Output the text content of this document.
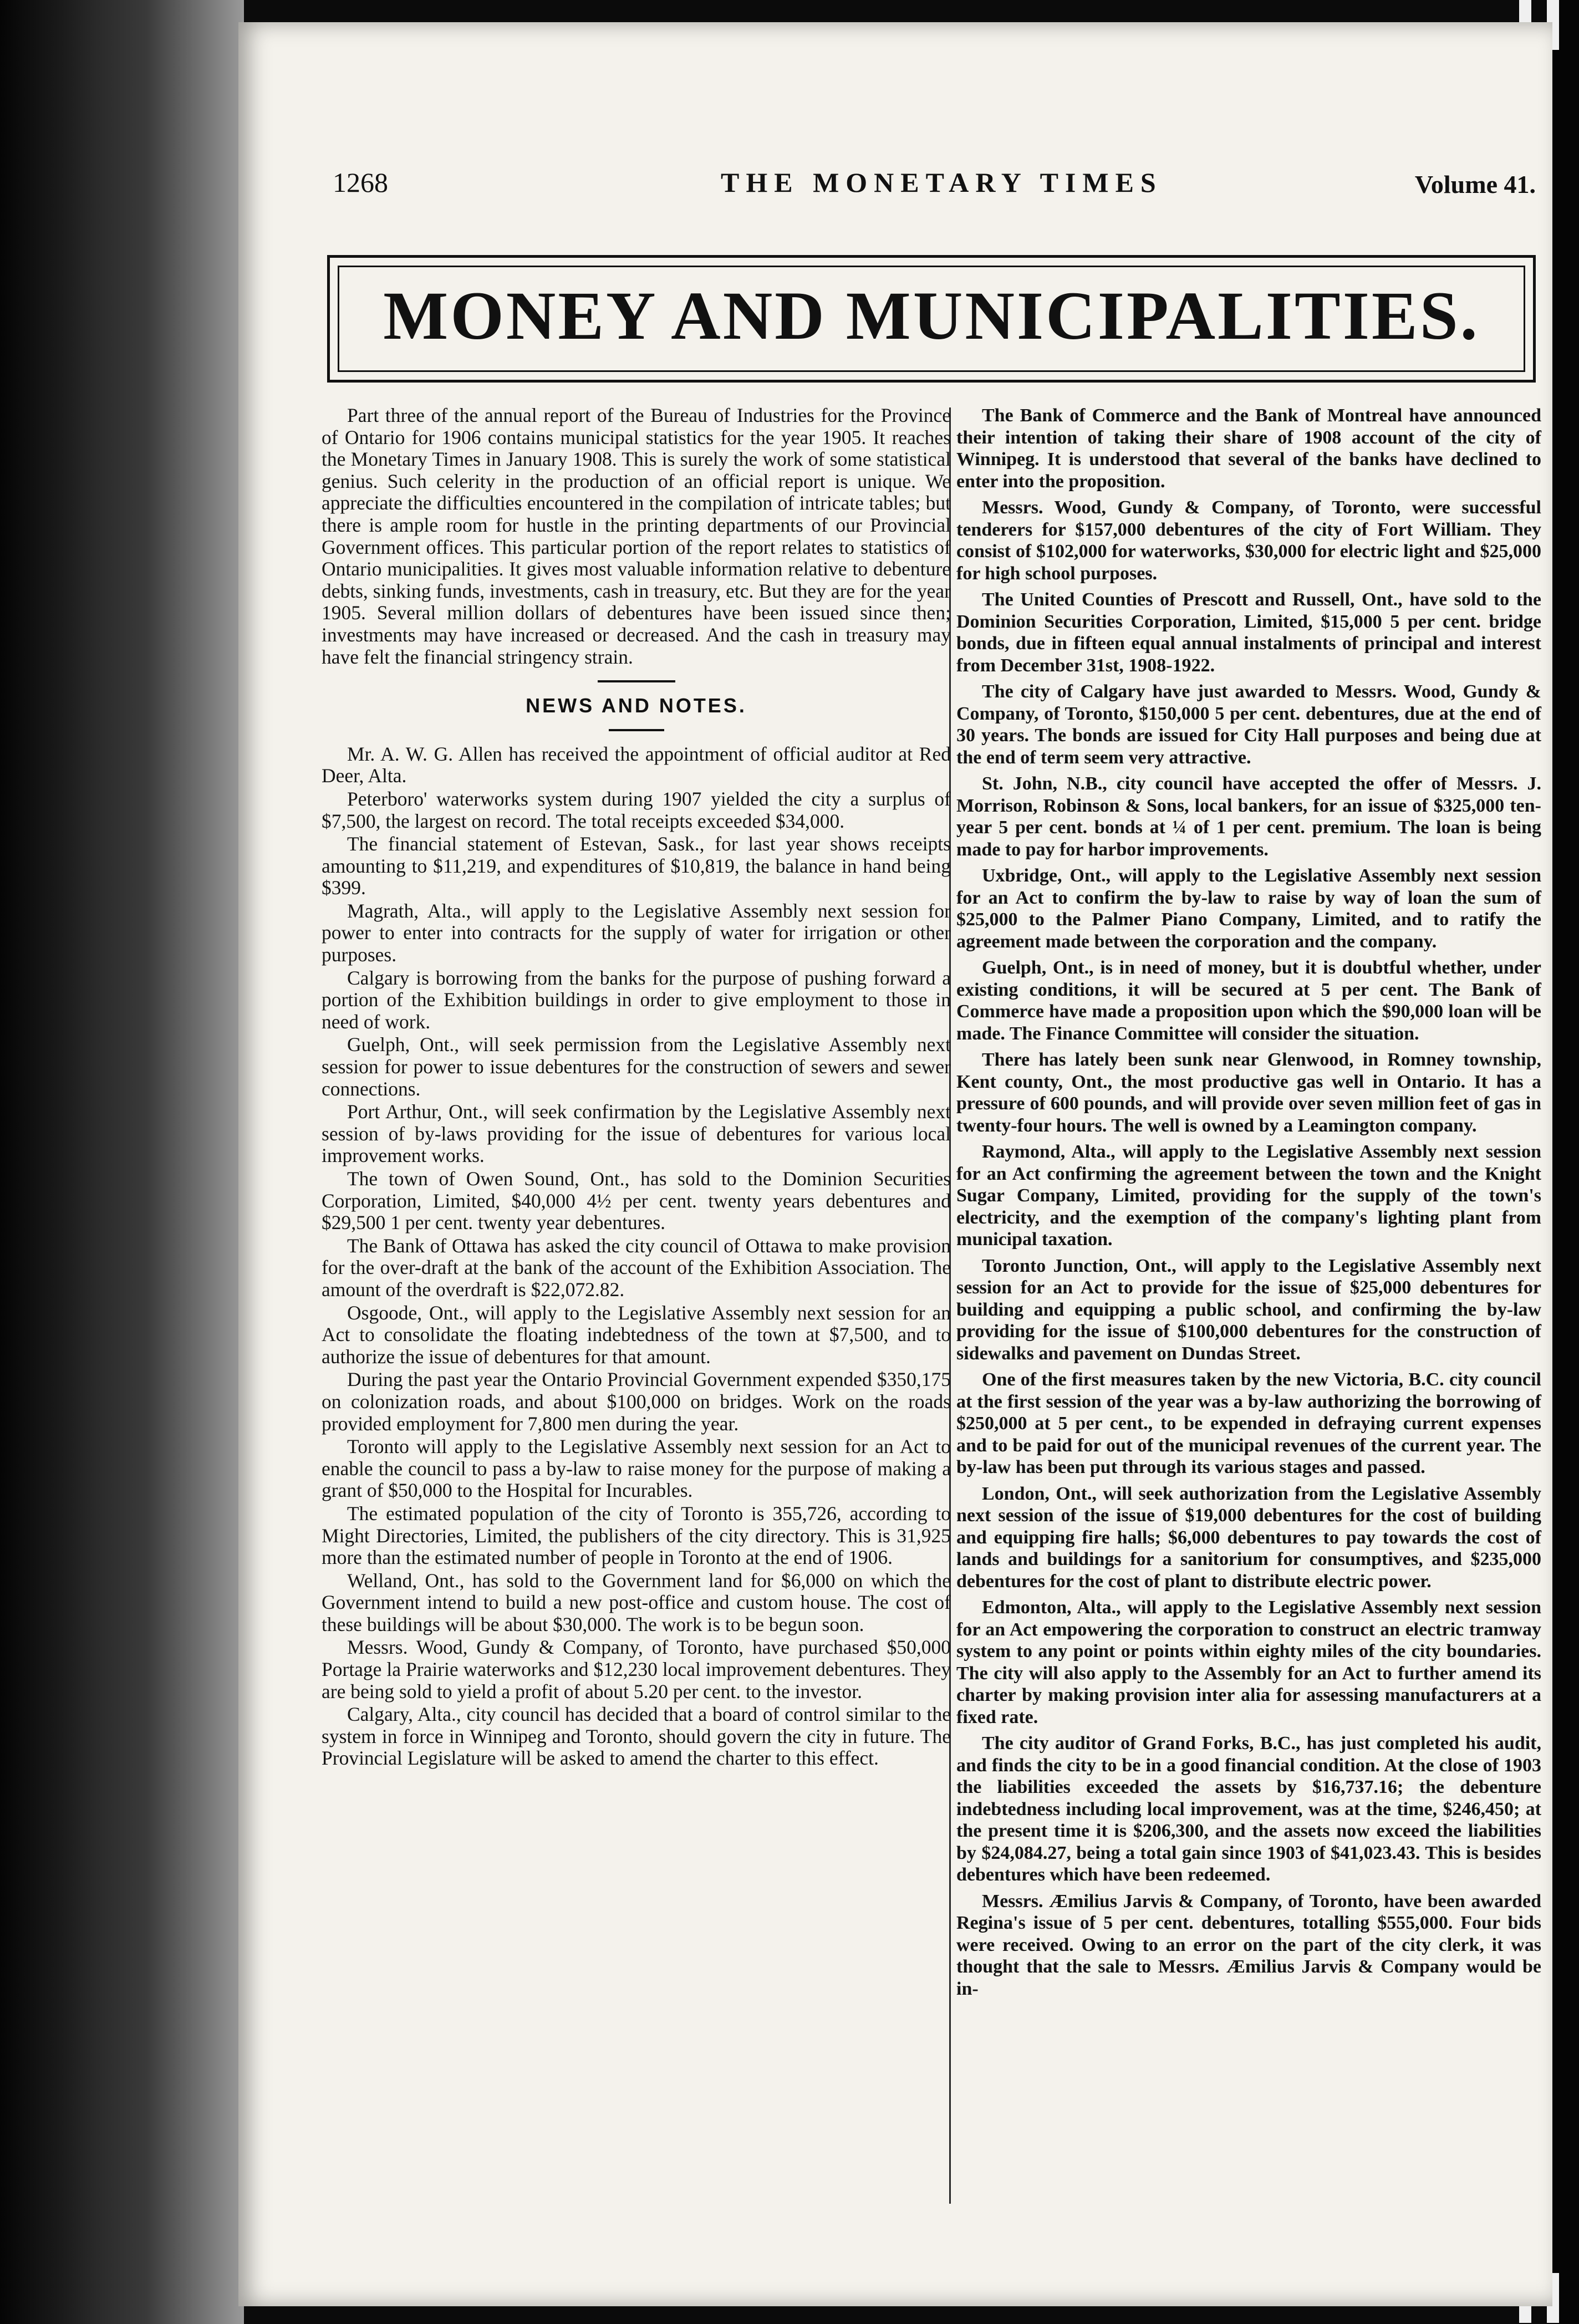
1268	THE MONETARY TIMES	Volume 41.
MONEY AND MUNICIPALITIES.

Part three of the annual report of the Bureau of Industries for the Province of Ontario for 1906 contains municipal statistics for the year 1905. It reaches the Monetary Times in January 1908. This is surely the work of some statistical genius. Such celerity in the production of an official report is unique. We appreciate the difficulties encountered in the compilation of intricate tables; but there is ample room for hustle in the printing departments of our Provincial Government offices. This particular portion of the report relates to statistics of Ontario municipalities. It gives most valuable information relative to debenture debts, sinking funds, investments, cash in treasury, etc. But they are for the year 1905. Several million dollars of debentures have been issued since then; investments may have increased or decreased. And the cash in treasury may have felt the financial stringency strain.

NEWS AND NOTES.

Mr. A. W. G. Allen has received the appointment of official auditor at Red Deer, Alta.

Peterboro' waterworks system during 1907 yielded the city a surplus of $7,500, the largest on record. The total receipts exceeded $34,000.

The financial statement of Estevan, Sask., for last year shows receipts amounting to $11,219, and expenditures of $10,819, the balance in hand being $399.

Magrath, Alta., will apply to the Legislative Assembly next session for power to enter into contracts for the supply of water for irrigation or other purposes.

Calgary is borrowing from the banks for the purpose of pushing forward a portion of the Exhibition buildings in order to give employment to those in need of work.

Guelph, Ont., will seek permission from the Legislative Assembly next session for power to issue debentures for the construction of sewers and sewer connections.

Port Arthur, Ont., will seek confirmation by the Legislative Assembly next session of by-laws providing for the issue of debentures for various local improvement works.

The town of Owen Sound, Ont., has sold to the Dominion Securities Corporation, Limited, $40,000 4½ per cent. twenty years debentures and $29,500 1 per cent. twenty year debentures.

The Bank of Ottawa has asked the city council of Ottawa to make provision for the over-draft at the bank of the account of the Exhibition Association. The amount of the overdraft is $22,072.82.

Osgoode, Ont., will apply to the Legislative Assembly next session for an Act to consolidate the floating indebtedness of the town at $7,500, and to authorize the issue of debentures for that amount.

During the past year the Ontario Provincial Government expended $350,175 on colonization roads, and about $100,000 on bridges. Work on the roads provided employment for 7,800 men during the year.

Toronto will apply to the Legislative Assembly next session for an Act to enable the council to pass a by-law to raise money for the purpose of making a grant of $50,000 to the Hospital for Incurables.

The estimated population of the city of Toronto is 355,726, according to Might Directories, Limited, the publishers of the city directory. This is 31,925 more than the estimated number of people in Toronto at the end of 1906.

Welland, Ont., has sold to the Government land for $6,000 on which the Government intend to build a new post-office and custom house. The cost of these buildings will be about $30,000. The work is to be begun soon.

Messrs. Wood, Gundy & Company, of Toronto, have purchased $50,000 Portage la Prairie waterworks and $12,230 local improvement debentures. They are being sold to yield a profit of about 5.20 per cent. to the investor.

Calgary, Alta., city council has decided that a board of control similar to the system in force in Winnipeg and Toronto, should govern the city in future. The Provincial Legislature will be asked to amend the charter to this effect.

The Bank of Commerce and the Bank of Montreal have announced their intention of taking their share of 1908 account of the city of Winnipeg. It is understood that several of the banks have declined to enter into the proposition.

Messrs. Wood, Gundy & Company, of Toronto, were successful tenderers for $157,000 debentures of the city of Fort William. They consist of $102,000 for waterworks, $30,000 for electric light and $25,000 for high school purposes.

The United Counties of Prescott and Russell, Ont., have sold to the Dominion Securities Corporation, Limited, $15,000 5 per cent. bridge bonds, due in fifteen equal annual instalments of principal and interest from December 31st, 1908-1922.

The city of Calgary have just awarded to Messrs. Wood, Gundy & Company, of Toronto, $150,000 5 per cent. debentures, due at the end of 30 years. The bonds are issued for City Hall purposes and being due at the end of term seem very attractive.

St. John, N.B., city council have accepted the offer of Messrs. J. Morrison, Robinson & Sons, local bankers, for an issue of $325,000 ten-year 5 per cent. bonds at ¼ of 1 per cent. premium. The loan is being made to pay for harbor improvements.

Uxbridge, Ont., will apply to the Legislative Assembly next session for an Act to confirm the by-law to raise by way of loan the sum of $25,000 to the Palmer Piano Company, Limited, and to ratify the agreement made between the corporation and the company.

Guelph, Ont., is in need of money, but it is doubtful whether, under existing conditions, it will be secured at 5 per cent. The Bank of Commerce have made a proposition upon which the $90,000 loan will be made. The Finance Committee will consider the situation.

There has lately been sunk near Glenwood, in Romney township, Kent county, Ont., the most productive gas well in Ontario. It has a pressure of 600 pounds, and will provide over seven million feet of gas in twenty-four hours. The well is owned by a Leamington company.

Raymond, Alta., will apply to the Legislative Assembly next session for an Act confirming the agreement between the town and the Knight Sugar Company, Limited, providing for the supply of the town's electricity, and the exemption of the company's lighting plant from municipal taxation.

Toronto Junction, Ont., will apply to the Legislative Assembly next session for an Act to provide for the issue of $25,000 debentures for building and equipping a public school, and confirming the by-law providing for the issue of $100,000 debentures for the construction of sidewalks and pavement on Dundas Street.

One of the first measures taken by the new Victoria, B.C. city council at the first session of the year was a by-law authorizing the borrowing of $250,000 at 5 per cent., to be expended in defraying current expenses and to be paid for out of the municipal revenues of the current year. The by-law has been put through its various stages and passed.

London, Ont., will seek authorization from the Legislative Assembly next session of the issue of $19,000 debentures for the cost of building and equipping fire halls; $6,000 debentures to pay towards the cost of lands and buildings for a sanitorium for consumptives, and $235,000 debentures for the cost of plant to distribute electric power.

Edmonton, Alta., will apply to the Legislative Assembly next session for an Act empowering the corporation to construct an electric tramway system to any point or points within eighty miles of the city boundaries. The city will also apply to the Assembly for an Act to further amend its charter by making provision inter alia for assessing manufacturers at a fixed rate.

The city auditor of Grand Forks, B.C., has just completed his audit, and finds the city to be in a good financial condition. At the close of 1903 the liabilities exceeded the assets by $16,737.16; the debenture indebtedness including local improvement, was at the time, $246,450; at the present time it is $206,300, and the assets now exceed the liabilities by $24,084.27, being a total gain since 1903 of $41,023.43. This is besides debentures which have been redeemed.

Messrs. Æmilius Jarvis & Company, of Toronto, have been awarded Regina's issue of 5 per cent. debentures, totalling $555,000. Four bids were received. Owing to an error on the part of the city clerk, it was thought that the sale to Messrs. Æmilius Jarvis & Company would be in-
